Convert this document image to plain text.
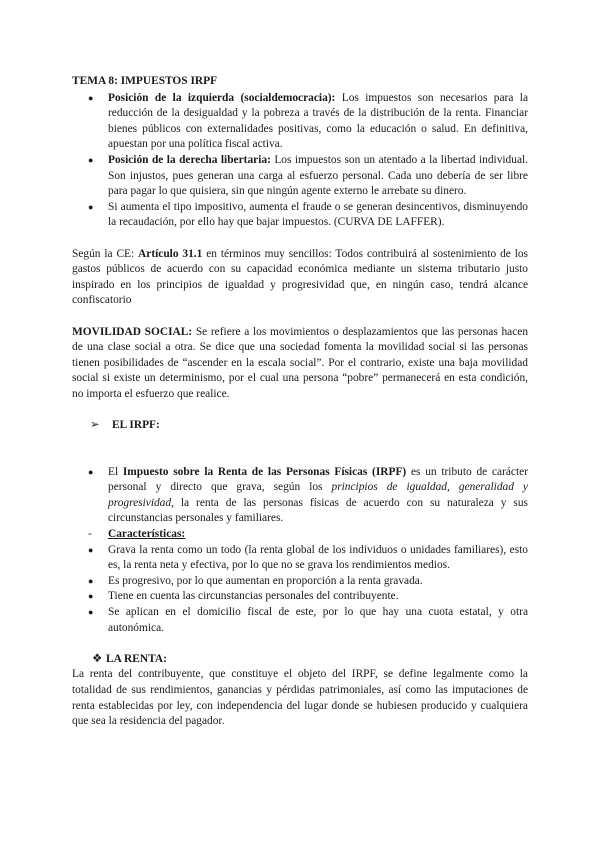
TEMA 8: IMPUESTOS IRPF

● Posición de la izquierda (socialdemocracia): Los impuestos son necesarios para la reducción de la desigualdad y la pobreza a través de la distribución de la renta. Financiar bienes públicos con externalidades positivas, como la educación o salud. En definitiva, apuestan por una política fiscal activa.
● Posición de la derecha libertaria: Los impuestos son un atentado a la libertad individual. Son injustos, pues generan una carga al esfuerzo personal. Cada uno debería de ser libre para pagar lo que quisiera, sin que ningún agente externo le arrebate su dinero.
● Si aumenta el tipo impositivo, aumenta el fraude o se generan desincentivos, disminuyendo la recaudación, por ello hay que bajar impuestos. (CURVA DE LAFFER).

Según la CE: Artículo 31.1 en términos muy sencillos: Todos contribuirá al sostenimiento de los gastos públicos de acuerdo con su capacidad económica mediante un sistema tributario justo inspirado en los principios de igualdad y progresividad que, en ningún caso, tendrá alcance confiscatorio

MOVILIDAD SOCIAL: Se refiere a los movimientos o desplazamientos que las personas hacen de una clase social a otra. Se dice que una sociedad fomenta la movilidad social si las personas tienen posibilidades de “ascender en la escala social”. Por el contrario, existe una baja movilidad social si existe un determinismo, por el cual una persona “pobre” permanecerá en esta condición, no importa el esfuerzo que realice.

➢ EL IRPF:

● El Impuesto sobre la Renta de las Personas Físicas (IRPF) es un tributo de carácter personal y directo que grava, según los principios de igualdad, generalidad y progresividad, la renta de las personas físicas de acuerdo con su naturaleza y sus circunstancias personales y familiares.

- Características:

● Grava la renta como un todo (la renta global de los individuos o unidades familiares), esto es, la renta neta y efectiva, por lo que no se grava los rendimientos medios.
● Es progresivo, por lo que aumentan en proporción a la renta gravada.
● Tiene en cuenta las circunstancias personales del contribuyente.
● Se aplican en el domicilio fiscal de este, por lo que hay una cuota estatal, y otra autonómica.

❖ LA RENTA:

La renta del contribuyente, que constituye el objeto del IRPF, se define legalmente como la totalidad de sus rendimientos, ganancias y pérdidas patrimoniales, así como las imputaciones de renta establecidas por ley, con independencia del lugar donde se hubiesen producido y cualquiera que sea la residencia del pagador.
